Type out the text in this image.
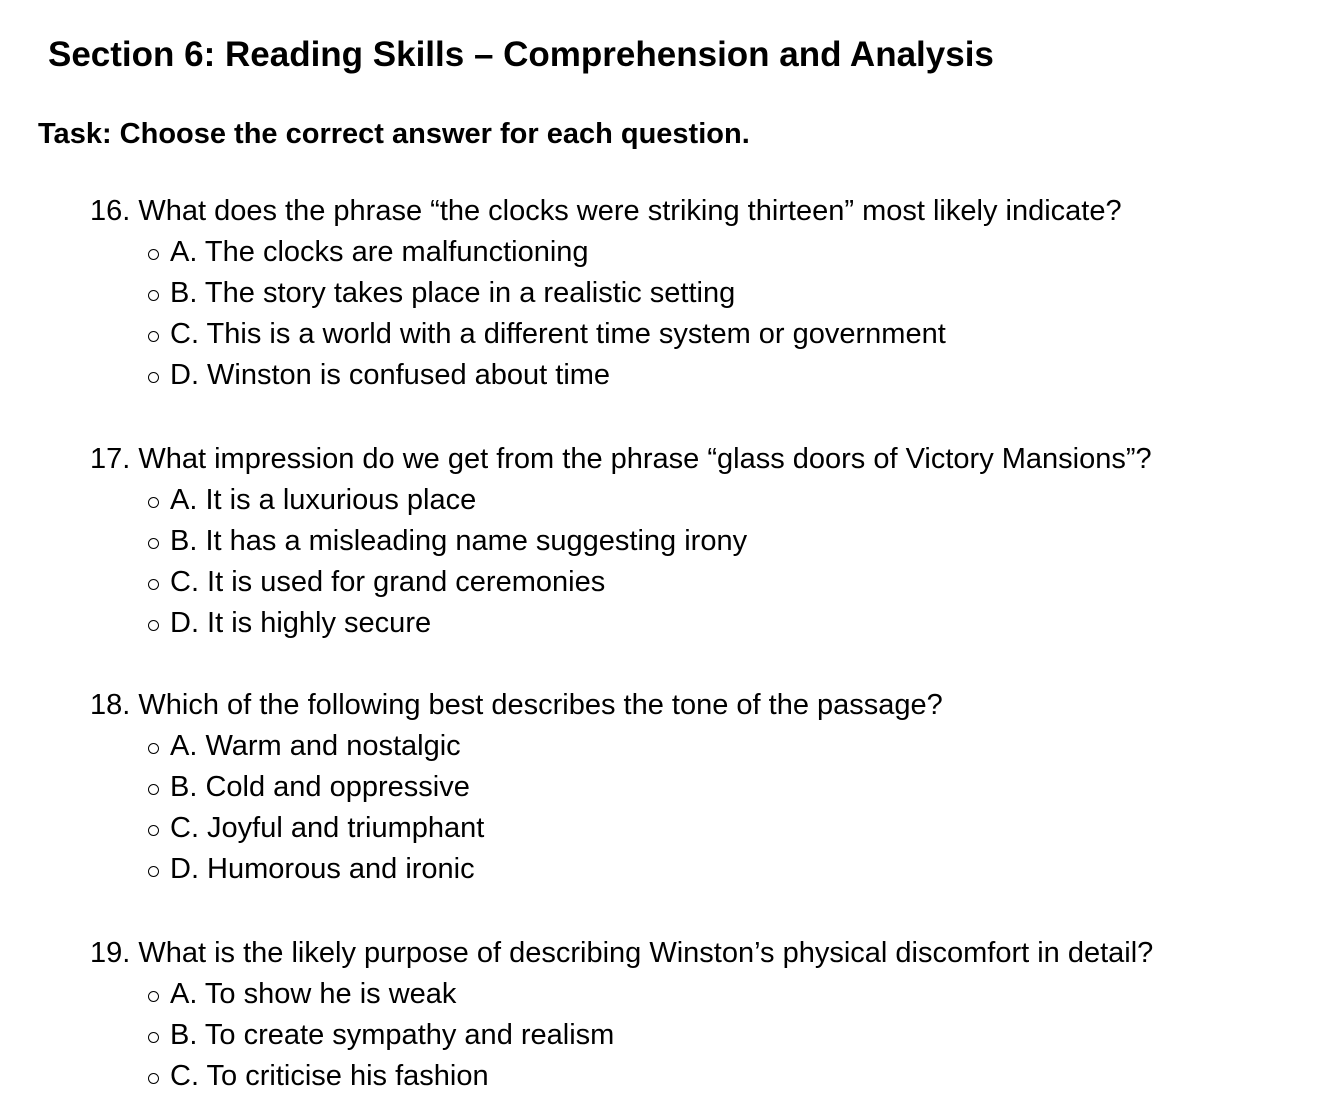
Section 6: Reading Skills – Comprehension and Analysis

Task: Choose the correct answer for each question.

16. What does the phrase “the clocks were striking thirteen” most likely indicate?
A. The clocks are malfunctioning
B. The story takes place in a realistic setting
C. This is a world with a different time system or government
D. Winston is confused about time
17. What impression do we get from the phrase “glass doors of Victory Mansions”?
A. It is a luxurious place
B. It has a misleading name suggesting irony
C. It is used for grand ceremonies
D. It is highly secure
18. Which of the following best describes the tone of the passage?
A. Warm and nostalgic
B. Cold and oppressive
C. Joyful and triumphant
D. Humorous and ironic
19. What is the likely purpose of describing Winston’s physical discomfort in detail?
A. To show he is weak
B. To create sympathy and realism
C. To criticise his fashion
